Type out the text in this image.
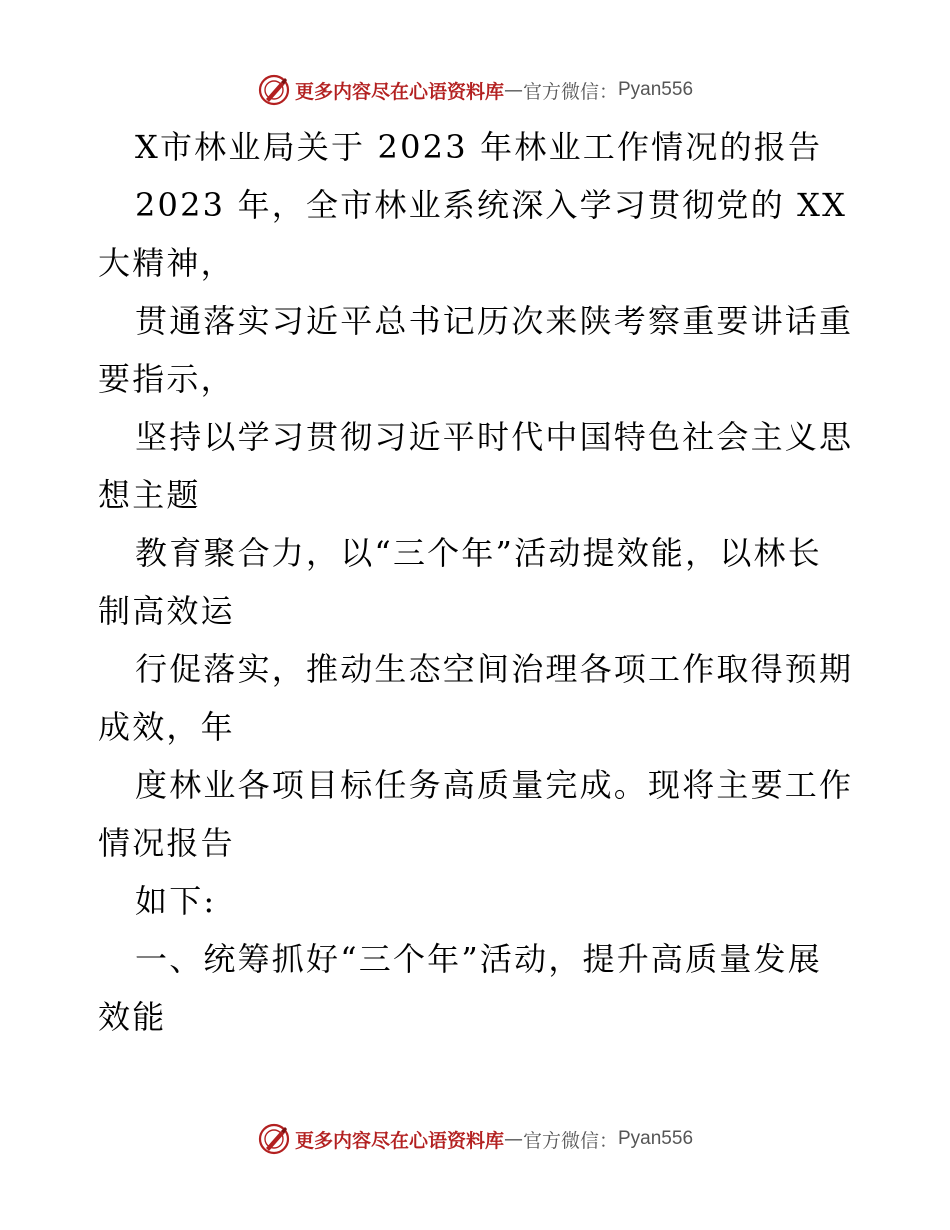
更多内容尽在心语资料库 — 官方微信： Pyan556
X市林业局关于 2023 年林业工作情况的报告
2023 年，全市林业系统深入学习贯彻党的 XX
大精神，
贯通落实习近平总书记历次来陕考察重要讲话重
要指示，
坚持以学习贯彻习近平时代中国特色社会主义思
想主题
教育聚合力，以“三个年”活动提效能，以林长
制高效运
行促落实，推动生态空间治理各项工作取得预期
成效，年
度林业各项目标任务高质量完成。现将主要工作
情况报告
如下:
一、统筹抓好“三个年”活动，提升高质量发展
效能
更多内容尽在心语资料库 — 官方微信： Pyan556
